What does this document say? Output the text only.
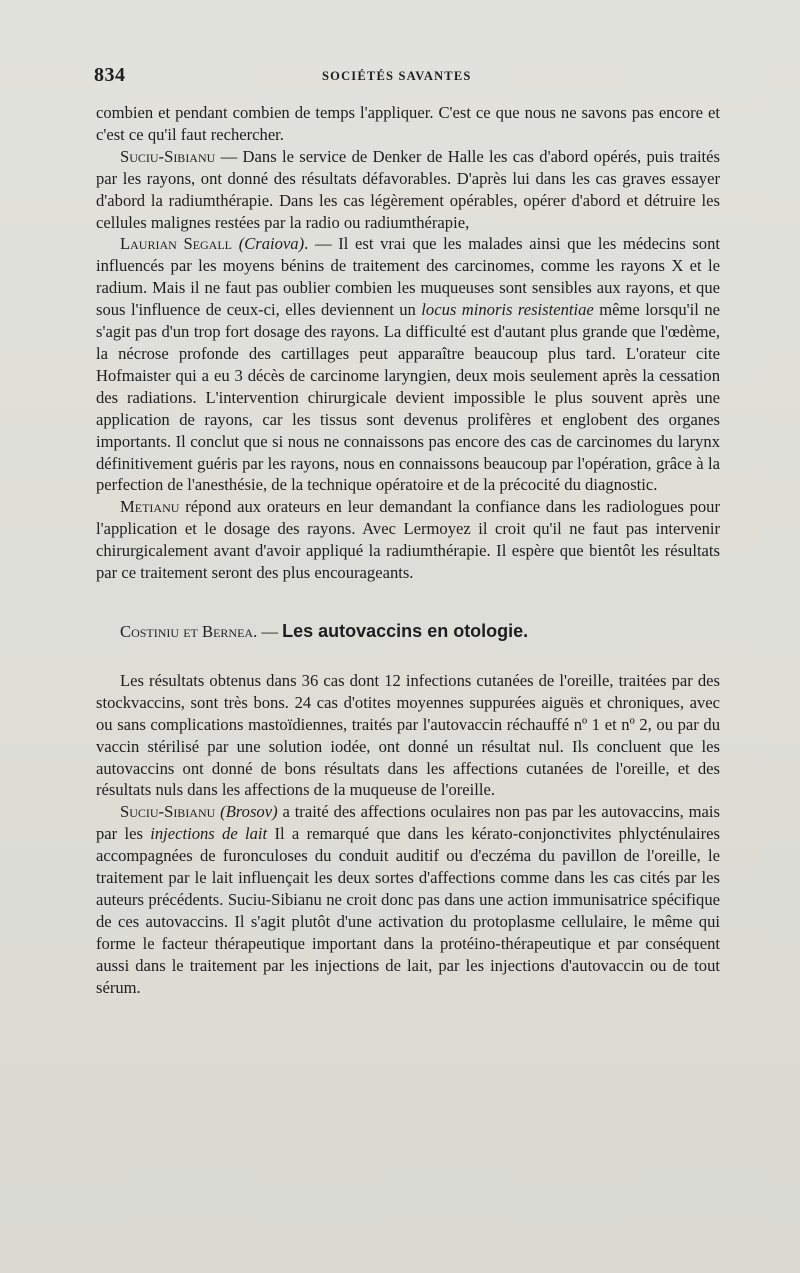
834	SOCIÉTÉS SAVANTES

combien et pendant combien de temps l'appliquer. C'est ce que nous ne savons pas encore et c'est ce qu'il faut rechercher.

Suciu-Sibianu — Dans le service de Denker de Halle les cas d'abord opérés, puis traités par les rayons, ont donné des résultats défavorables. D'après lui dans les cas graves essayer d'abord la radiumthérapie. Dans les cas légèrement opérables, opérer d'abord et détruire les cellules malignes restées par la radio ou radiumthérapie,

Laurian Segall (Craiova). — Il est vrai que les malades ainsi que les médecins sont influencés par les moyens bénins de traitement des carcinomes, comme les rayons X et le radium. Mais il ne faut pas oublier combien les muqueuses sont sensibles aux rayons, et que sous l'influence de ceux-ci, elles deviennent un locus minoris resistentiae même lorsqu'il ne s'agit pas d'un trop fort dosage des rayons. La difficulté est d'autant plus grande que l'œdème, la nécrose profonde des cartillages peut apparaître beaucoup plus tard. L'orateur cite Hofmaister qui a eu 3 décès de carcinome laryngien, deux mois seulement après la cessation des radiations. L'intervention chirurgicale devient impossible le plus souvent après une application de rayons, car les tissus sont devenus prolifères et englobent des organes importants. Il conclut que si nous ne connaissons pas encore des cas de carcinomes du larynx définitivement guéris par les rayons, nous en connaissons beaucoup par l'opération, grâce à la perfection de l'anesthésie, de la technique opératoire et de la précocité du diagnostic.

Metianu répond aux orateurs en leur demandant la confiance dans les radiologues pour l'application et le dosage des rayons. Avec Lermoyez il croit qu'il ne faut pas intervenir chirurgicalement avant d'avoir appliqué la radiumthérapie. Il espère que bientôt les résultats par ce traitement seront des plus encourageants.

Costiniu et Bernea. — Les autovaccins en otologie.

Les résultats obtenus dans 36 cas dont 12 infections cutanées de l'oreille, traitées par des stockvaccins, sont très bons. 24 cas d'otites moyennes suppurées aiguës et chroniques, avec ou sans complications mastoïdiennes, traités par l'autovaccin réchauffé nº 1 et nº 2, ou par du vaccin stérilisé par une solution iodée, ont donné un résultat nul. Ils concluent que les autovaccins ont donné de bons résultats dans les affections cutanées de l'oreille, et des résultats nuls dans les affections de la muqueuse de l'oreille.

Suciu-Sibianu (Brosov) a traité des affections oculaires non pas par les autovaccins, mais par les injections de lait Il a remarqué que dans les kérato-conjonctivites phlycténulaires accompagnées de furonculoses du conduit auditif ou d'eczéma du pavillon de l'oreille, le traitement par le lait influençait les deux sortes d'affections comme dans les cas cités par les auteurs précédents. Suciu-Sibianu ne croit donc pas dans une action immunisatrice spécifique de ces autovaccins. Il s'agit plutôt d'une activation du protoplasme cellulaire, le même qui forme le facteur thérapeutique important dans la protéino-thérapeutique et par conséquent aussi dans le traitement par les injections de lait, par les injections d'autovaccin ou de tout sérum.
